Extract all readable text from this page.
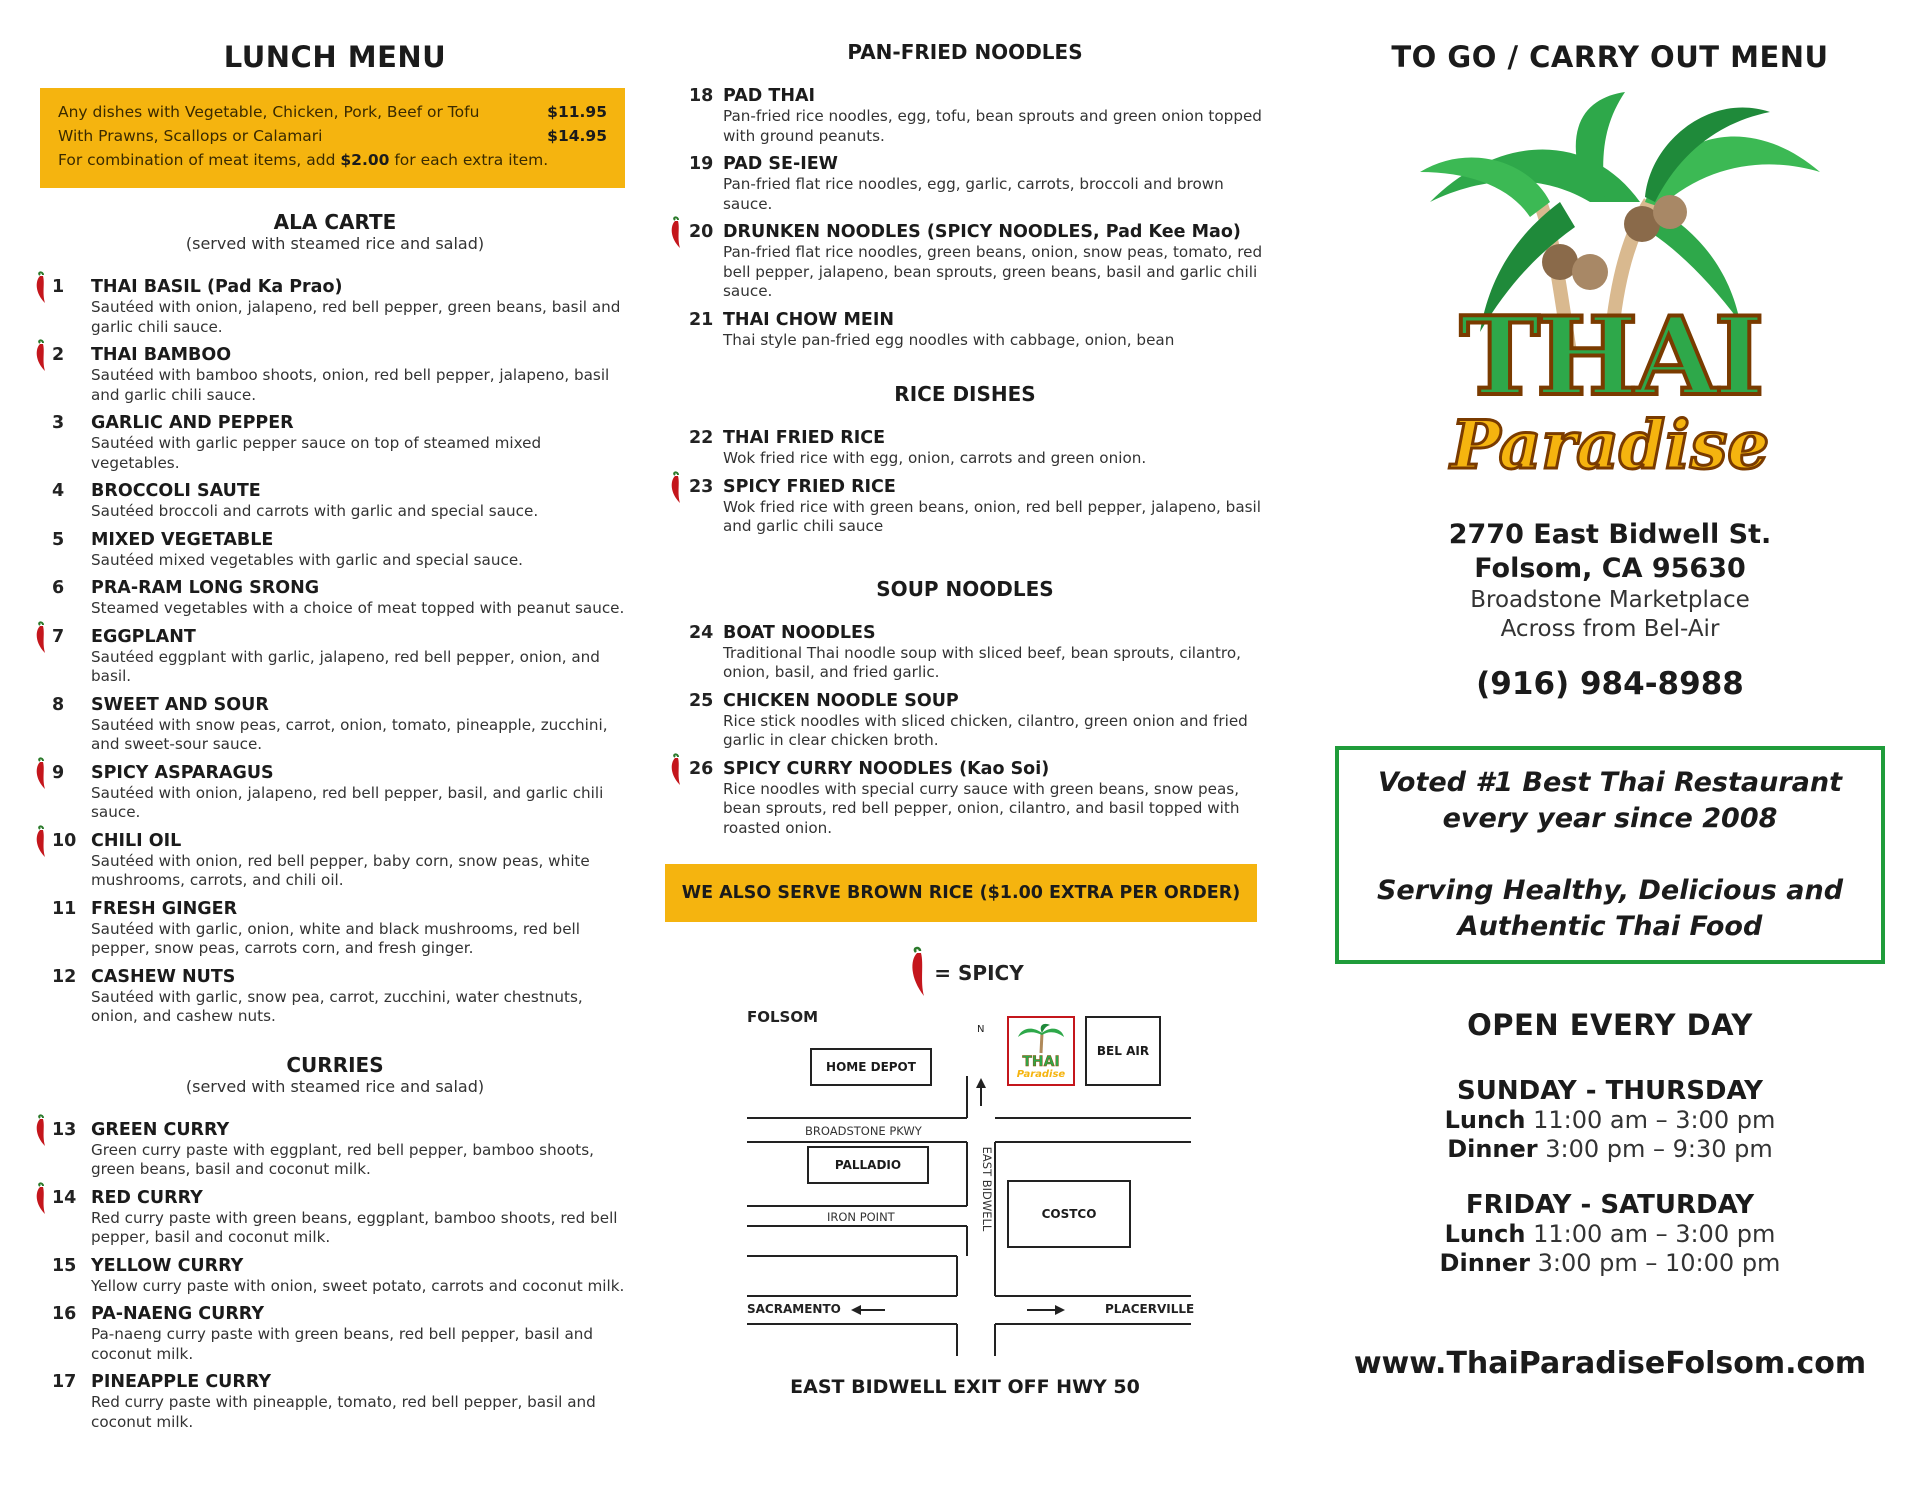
LUNCH MENU
Any dishes with Vegetable, Chicken, Pork, Beef or Tofu	$11.95
With Prawns, Scallops or Calamari	$14.95
For combination of meat items, add $2.00 for each extra item.
ALA CARTE
(served with steamed rice and salad)
1	THAI BASIL (Pad Ka Prao)
Sautéed with onion, jalapeno, red bell pepper, green beans, basil and garlic chili sauce.
2	THAI BAMBOO
Sautéed with bamboo shoots, onion, red bell pepper, jalapeno, basil and garlic chili sauce.
3	GARLIC AND PEPPER
Sautéed with garlic pepper sauce on top of steamed mixed vegetables.
4	BROCCOLI SAUTE
Sautéed broccoli and carrots with garlic and special sauce.
5	MIXED VEGETABLE
Sautéed mixed vegetables with garlic and special sauce.
6	PRA-RAM LONG SRONG
Steamed vegetables with a choice of meat topped with peanut sauce.
7	EGGPLANT
Sautéed eggplant with garlic, jalapeno, red bell pepper, onion, and basil.
8	SWEET AND SOUR
Sautéed with snow peas, carrot, onion, tomato, pineapple, zucchini, and sweet-sour sauce.
9	SPICY ASPARAGUS
Sautéed with onion, jalapeno, red bell pepper, basil, and garlic chili sauce.
10 CHILI OIL
Sautéed with onion, red bell pepper, baby corn, snow peas, white mushrooms, carrots, and chili oil.
11 FRESH GINGER
Sautéed with garlic, onion, white and black mushrooms, red bell pepper, snow peas, carrots corn, and fresh ginger.
12 CASHEW NUTS
Sautéed with garlic, snow pea, carrot, zucchini, water chestnuts, onion, and cashew nuts.
CURRIES
(served with steamed rice and salad)
13 GREEN CURRY
Green curry paste with eggplant, red bell pepper, bamboo shoots, green beans, basil and coconut milk.
14 RED CURRY
Red curry paste with green beans, eggplant, bamboo shoots, red bell pepper, basil and coconut milk.
15 YELLOW CURRY
Yellow curry paste with onion, sweet potato, carrots and coconut milk.
16 PA-NAENG CURRY
Pa-naeng curry paste with green beans, red bell pepper, basil and coconut milk.
17 PINEAPPLE CURRY
Red curry paste with pineapple, tomato, red bell pepper, basil and coconut milk.
PAN-FRIED NOODLES
18 PAD THAI
Pan-fried rice noodles, egg, tofu, bean sprouts and green onion topped with ground peanuts.
19 PAD SE-IEW
Pan-fried flat rice noodles, egg, garlic, carrots, broccoli and brown sauce.
20 DRUNKEN NOODLES (SPICY NOODLES, Pad Kee Mao)
Pan-fried flat rice noodles, green beans, onion, snow peas, tomato, red bell pepper, jalapeno, bean sprouts, green beans, basil and garlic chili sauce.
21 THAI CHOW MEIN
Thai style pan-fried egg noodles with cabbage, onion, bean
RICE DISHES
22 THAI FRIED RICE
Wok fried rice with egg, onion, carrots and green onion.
23 SPICY FRIED RICE
Wok fried rice with green beans, onion, red bell pepper, jalapeno, basil and garlic chili sauce
SOUP NOODLES
24 BOAT NOODLES
Traditional Thai noodle soup with sliced beef, bean sprouts, cilantro, onion, basil, and fried garlic.
25 CHICKEN NOODLE SOUP
Rice stick noodles with sliced chicken, cilantro, green onion and fried garlic in clear chicken broth.
26 SPICY CURRY NOODLES (Kao Soi)
Rice noodles with special curry sauce with green beans, snow peas, bean sprouts, red bell pepper, onion, cilantro, and basil topped with roasted onion.
WE ALSO SERVE BROWN RICE ($1.00 EXTRA PER ORDER)
= SPICY
FOLSOM
N
HOME DEPOT	THAI
Paradise
BEL AIR
BROADSTONE PKWY
EAST BIDWELL
PALLADIO
IRON POINT	COSTCO
SACRAMENTO	PLACERVILLE
EAST BIDWELL EXIT OFF HWY 50
TO GO / CARRY OUT MENU
THAI
Paradise
2770 East Bidwell St.
Folsom, CA 95630
Broadstone Marketplace
Across from Bel-Air
(916) 984-8988
Voted #1 Best Thai Restaurant
every year since 2008
Serving Healthy, Delicious and
Authentic Thai Food
OPEN EVERY DAY
SUNDAY - THURSDAY
Lunch 11:00 am – 3:00 pm
Dinner 3:00 pm – 9:30 pm
FRIDAY - SATURDAY
Lunch 11:00 am – 3:00 pm
Dinner 3:00 pm – 10:00 pm
www.ThaiParadiseFolsom.com
